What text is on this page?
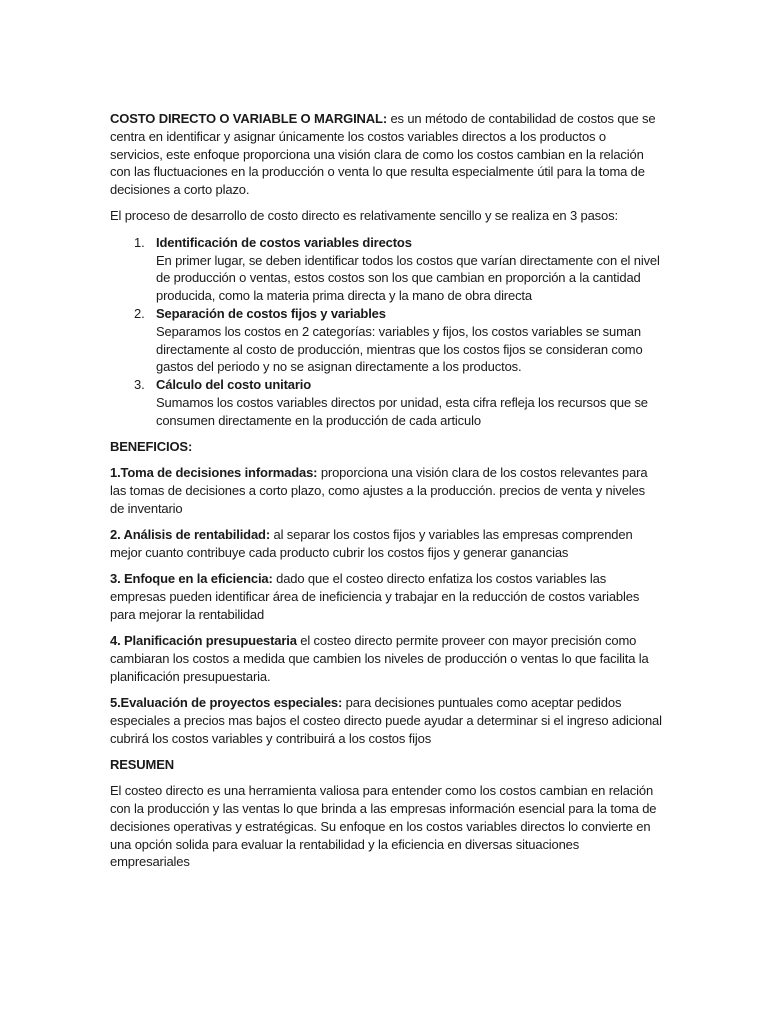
COSTO DIRECTO O VARIABLE O MARGINAL: es un método de contabilidad de costos que se centra en identificar y asignar únicamente los costos variables directos a los productos o servicios, este enfoque proporciona una visión clara de como los costos cambian en la relación con las fluctuaciones en la producción o venta lo que resulta especialmente útil para la toma de decisiones a corto plazo.

El proceso de desarrollo de costo directo es relativamente sencillo y se realiza en 3 pasos:

1. Identificación de costos variables directos
En primer lugar, se deben identificar todos los costos que varían directamente con el nivel de producción o ventas, estos costos son los que cambian en proporción a la cantidad producida, como la materia prima directa y la mano de obra directa
2. Separación de costos fijos y variables
Separamos los costos en 2 categorías: variables y fijos, los costos variables se suman directamente al costo de producción, mientras que los costos fijos se consideran como gastos del periodo y no se asignan directamente a los productos.
3. Cálculo del costo unitario
Sumamos los costos variables directos por unidad, esta cifra refleja los recursos que se consumen directamente en la producción de cada articulo

BENEFICIOS:

1.Toma de decisiones informadas: proporciona una visión clara de los costos relevantes para las tomas de decisiones a corto plazo, como ajustes a la producción. precios de venta y niveles de inventario

2. Análisis de rentabilidad: al separar los costos fijos y variables las empresas comprenden mejor cuanto contribuye cada producto cubrir los costos fijos y generar ganancias

3. Enfoque en la eficiencia: dado que el costeo directo enfatiza los costos variables las empresas pueden identificar área de ineficiencia y trabajar en la reducción de costos variables para mejorar la rentabilidad

4. Planificación presupuestaria el costeo directo permite proveer con mayor precisión como cambiaran los costos a medida que cambien los niveles de producción o ventas lo que facilita la planificación presupuestaria.

5.Evaluación de proyectos especiales: para decisiones puntuales como aceptar pedidos especiales a precios mas bajos el costeo directo puede ayudar a determinar si el ingreso adicional cubrirá los costos variables y contribuirá a los costos fijos

RESUMEN

El costeo directo es una herramienta valiosa para entender como los costos cambian en relación con la producción y las ventas lo que brinda a las empresas información esencial para la toma de decisiones operativas y estratégicas. Su enfoque en los costos variables directos lo convierte en una opción solida para evaluar la rentabilidad y la eficiencia en diversas situaciones empresariales
